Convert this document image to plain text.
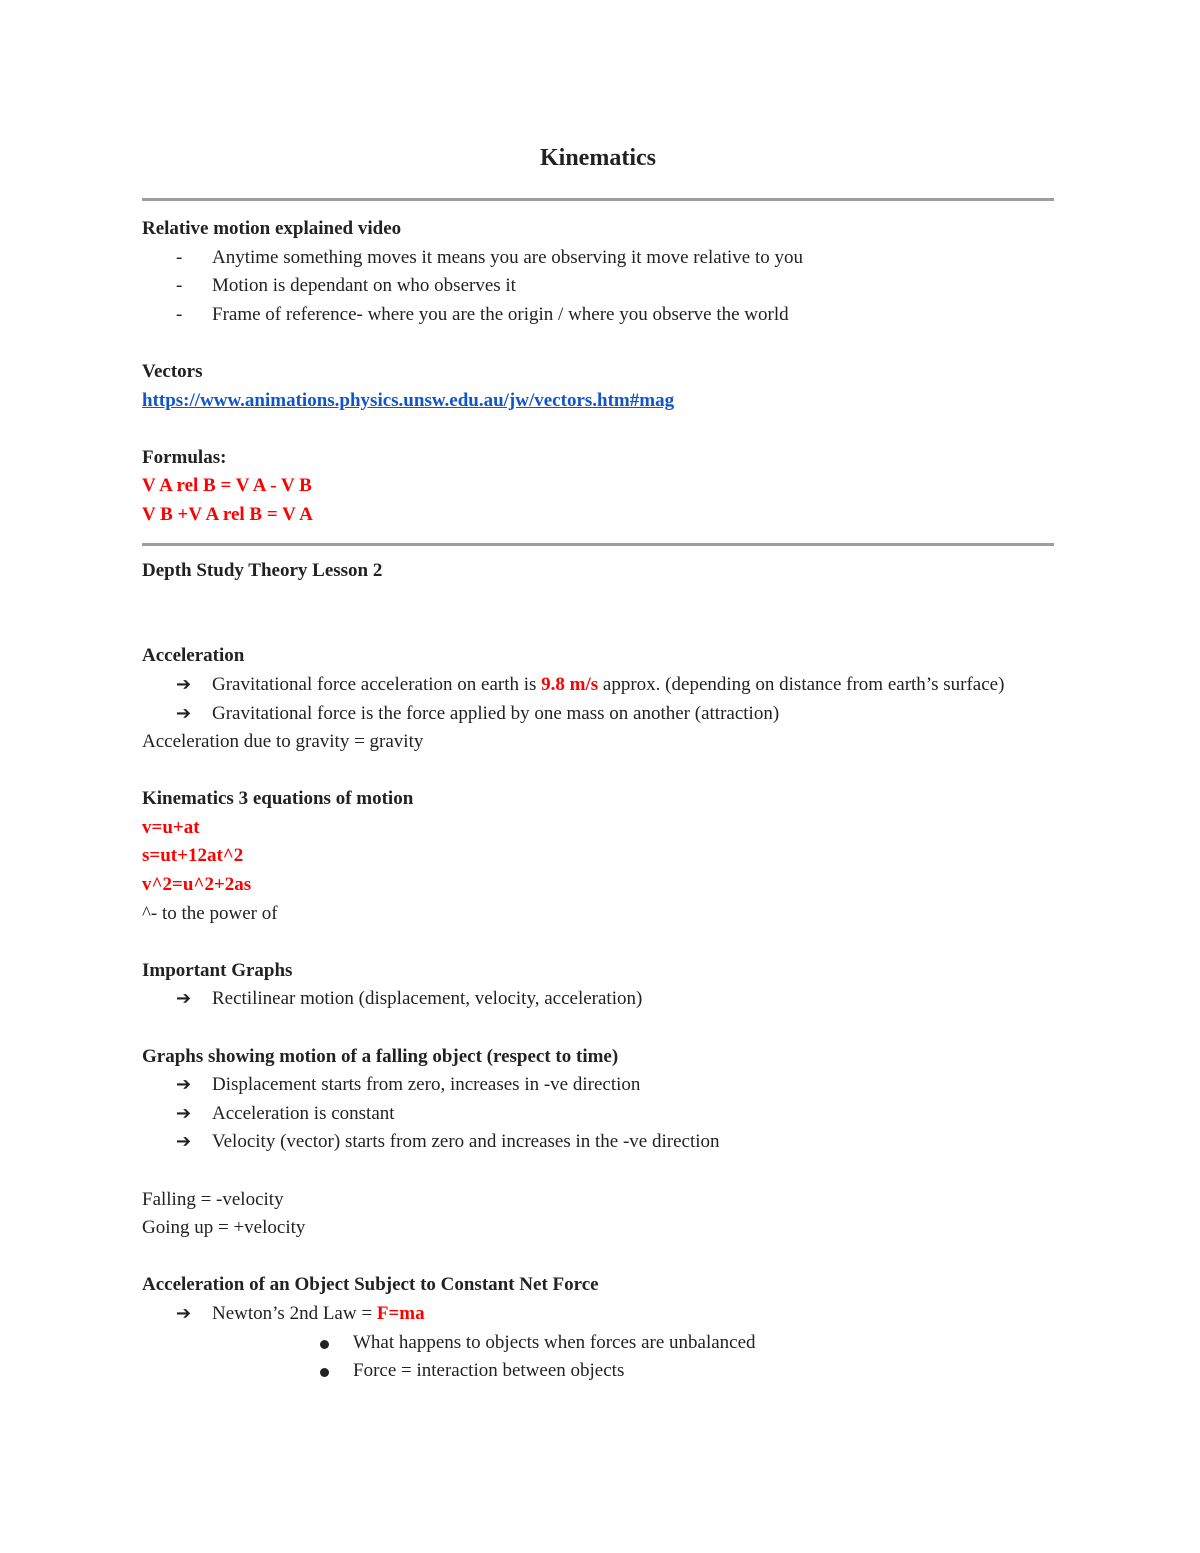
Kinematics

Relative motion explained video

- Anytime something moves it means you are observing it move relative to you
- Motion is dependant on who observes it
- Frame of reference- where you are the origin / where you observe the world

Vectors

https://www.animations.physics.unsw.edu.au/jw/vectors.htm#mag

Formulas:

V A rel B = V A - V B

V B +V A rel B = V A

Depth Study Theory Lesson 2

Acceleration

➔ Gravitational force acceleration on earth is 9.8 m/s approx. (depending on distance from earth’s surface)
➔ Gravitational force is the force applied by one mass on another (attraction)

Acceleration due to gravity = gravity

Kinematics 3 equations of motion

v=u+at

s=ut+12at^2

v^2=u^2+2as

^- to the power of

Important Graphs

➔ Rectilinear motion (displacement, velocity, acceleration)

Graphs showing motion of a falling object (respect to time)

➔ Displacement starts from zero, increases in -ve direction
➔ Acceleration is constant
➔ Velocity (vector) starts from zero and increases in the -ve direction

Falling = -velocity

Going up = +velocity

Acceleration of an Object Subject to Constant Net Force

➔ Newton’s 2nd Law = F=ma
What happens to objects when forces are unbalanced
Force = interaction between objects
